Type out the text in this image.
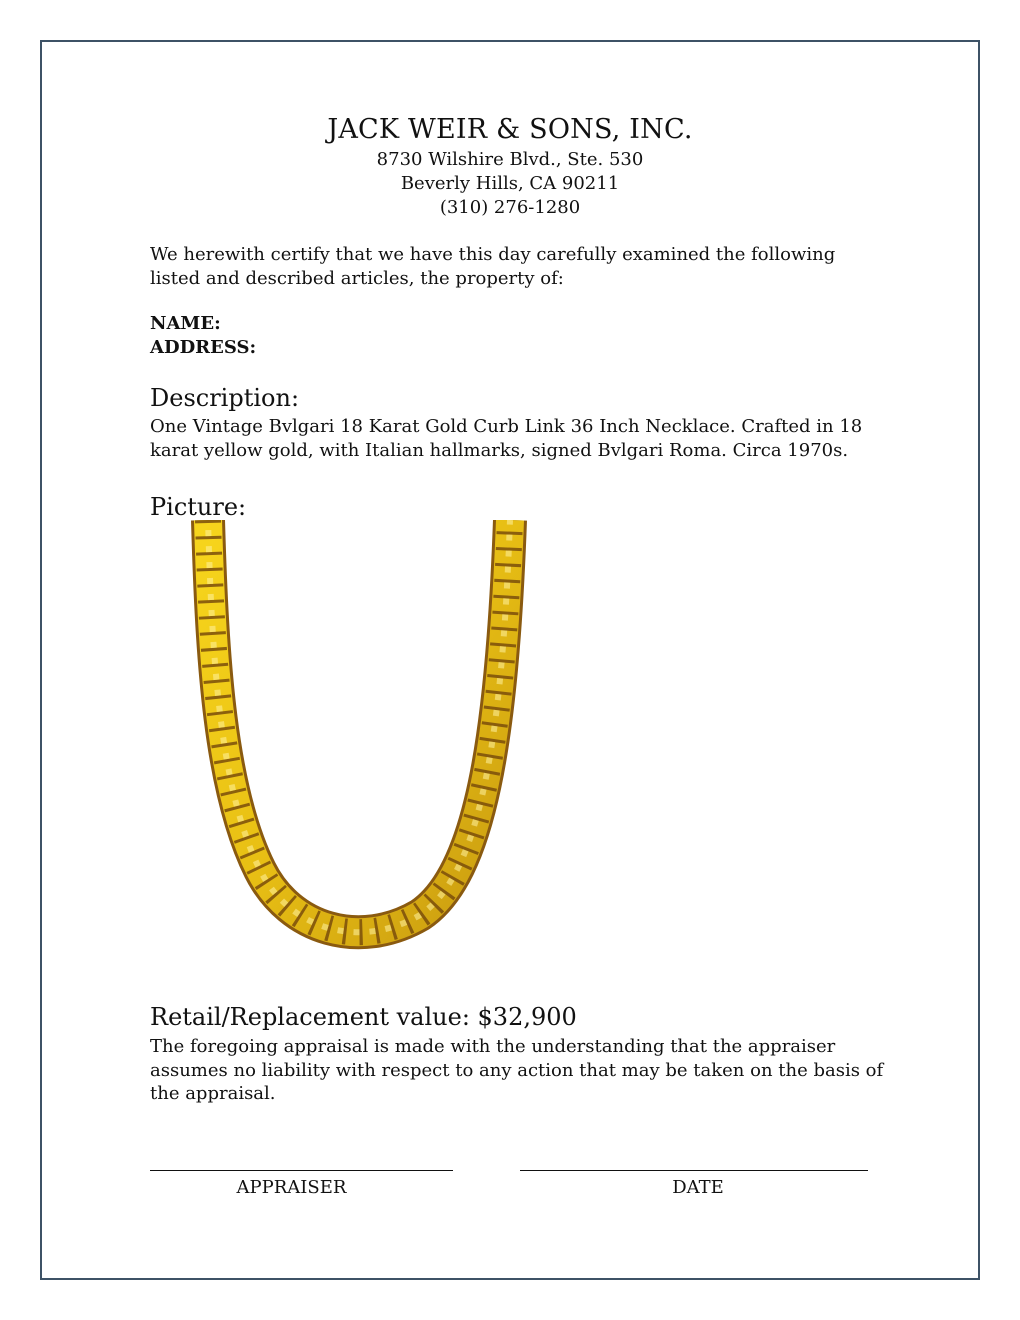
JACK WEIR & SONS, INC.
8730 Wilshire Blvd., Ste. 530
Beverly Hills, CA 90211
(310) 276-1280
We herewith certify that we have this day carefully examined the following listed and described articles, the property of:
NAME:
ADDRESS:
Description:
One Vintage Bvlgari 18 Karat Gold Curb Link 36 Inch Necklace. Crafted in 18 karat yellow gold, with Italian hallmarks, signed Bvlgari Roma. Circa 1970s.
Picture:
Retail/Replacement value: $32,900
The foregoing appraisal is made with the understanding that the appraiser assumes no liability with respect to any action that may be taken on the basis of the appraisal.
APPRAISER	DATE
